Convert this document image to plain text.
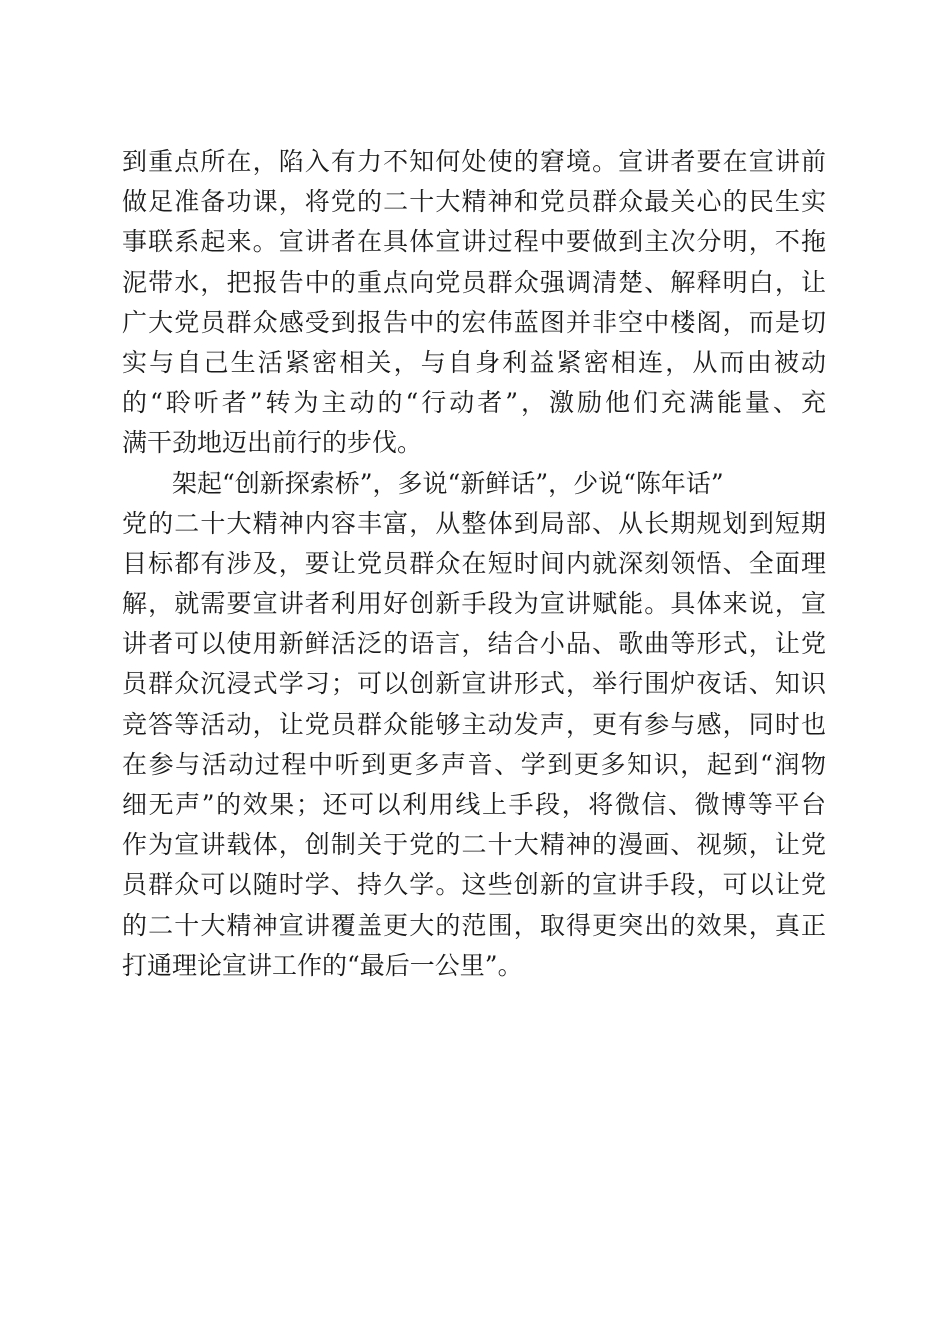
到重点所在，陷入有力不知何处使的窘境。宣讲者要在宣讲前
做足准备功课，将党的二十大精神和党员群众最关心的民生实
事联系起来。宣讲者在具体宣讲过程中要做到主次分明，不拖
泥带水，把报告中的重点向党员群众强调清楚、解释明白，让
广大党员群众感受到报告中的宏伟蓝图并非空中楼阁，而是切
实与自己生活紧密相关，与自身利益紧密相连，从而由被动
的“聆听者”转为主动的“行动者”，激励他们充满能量、充
满干劲地迈出前行的步伐。
架起“创新探索桥”，多说“新鲜话”，少说“陈年话”
党的二十大精神内容丰富，从整体到局部、从长期规划到短期
目标都有涉及，要让党员群众在短时间内就深刻领悟、全面理
解，就需要宣讲者利用好创新手段为宣讲赋能。具体来说，宣
讲者可以使用新鲜活泛的语言，结合小品、歌曲等形式，让党
员群众沉浸式学习；可以创新宣讲形式，举行围炉夜话、知识
竞答等活动，让党员群众能够主动发声，更有参与感，同时也
在参与活动过程中听到更多声音、学到更多知识，起到“润物
细无声”的效果；还可以利用线上手段，将微信、微博等平台
作为宣讲载体，创制关于党的二十大精神的漫画、视频，让党
员群众可以随时学、持久学。这些创新的宣讲手段，可以让党
的二十大精神宣讲覆盖更大的范围，取得更突出的效果，真正
打通理论宣讲工作的“最后一公里”。
